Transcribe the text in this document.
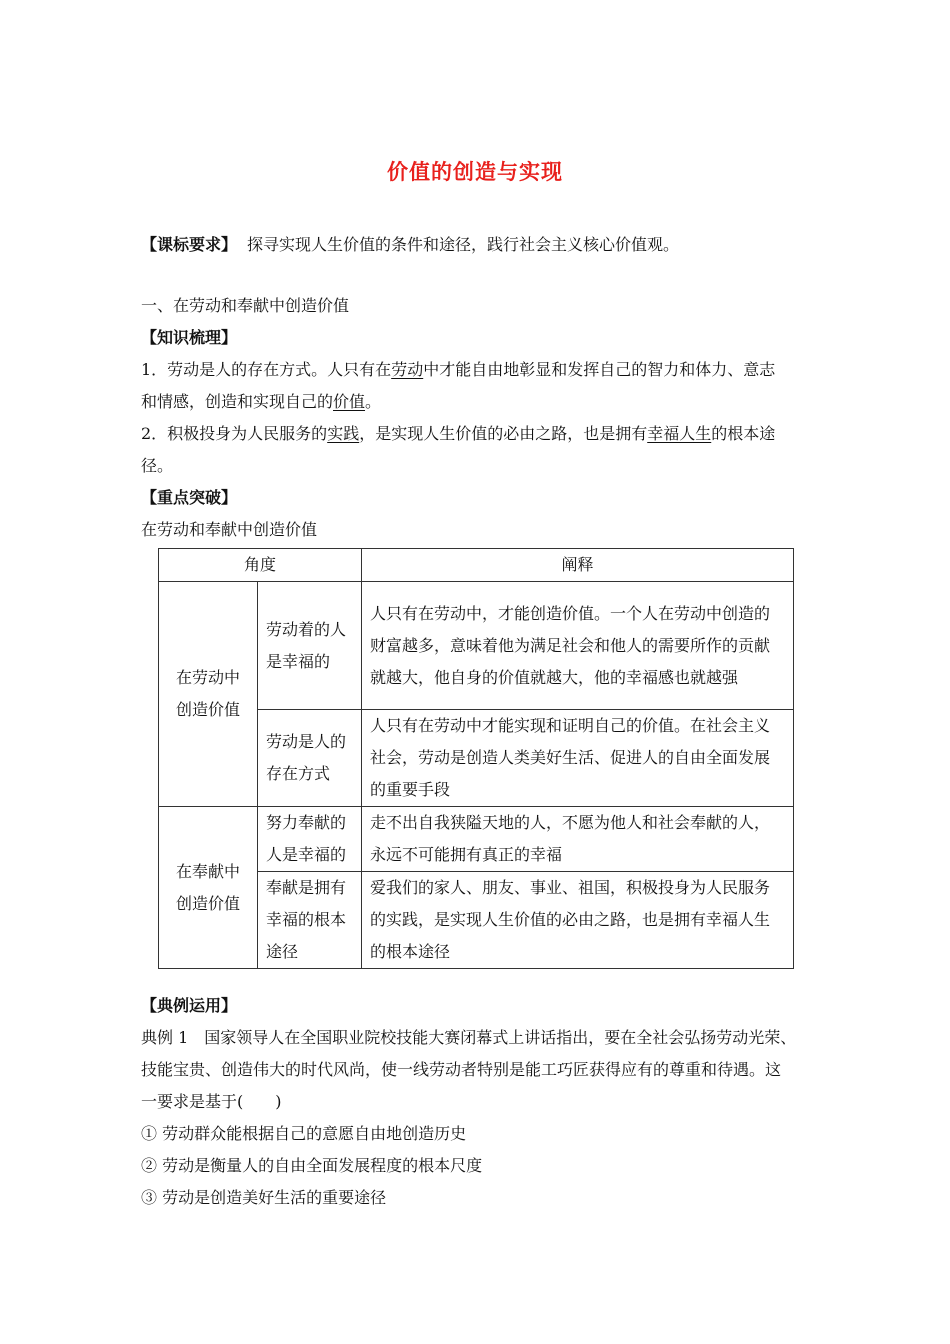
价值的创造与实现
【课标要求】 探寻实现人生价值的条件和途径，践行社会主义核心价值观。
一、在劳动和奉献中创造价值
【知识梳理】
1．劳动是人的存在方式。人只有在劳动中才能自由地彰显和发挥自己的智力和体力、意志
和情感，创造和实现自己的价值。
2．积极投身为人民服务的实践，是实现人生价值的必由之路，也是拥有幸福人生的根本途
径。
【重点突破】
在劳动和奉献中创造价值
角度		阐释
在劳动中创造价值	劳动着的人是幸福的	人只有在劳动中，才能创造价值。一个人在劳动中创造的财富越多，意味着他为满足社会和他人的需要所作的贡献就越大，他自身的价值就越大，他的幸福感也就越强
	劳动是人的存在方式	人只有在劳动中才能实现和证明自己的价值。在社会主义社会，劳动是创造人类美好生活、促进人的自由全面发展的重要手段
在奉献中创造价值	努力奉献的人是幸福的	走不出自我狭隘天地的人，不愿为他人和社会奉献的人，永远不可能拥有真正的幸福
	奉献是拥有幸福的根本途径	爱我们的家人、朋友、事业、祖国，积极投身为人民服务的实践，是实现人生价值的必由之路，也是拥有幸福人生的根本途径
【典例运用】
典例 1　国家领导人在全国职业院校技能大赛闭幕式上讲话指出，要在全社会弘扬劳动光荣、
技能宝贵、创造伟大的时代风尚，使一线劳动者特别是能工巧匠获得应有的尊重和待遇。这
一要求是基于(　　)
① 劳动群众能根据自己的意愿自由地创造历史
② 劳动是衡量人的自由全面发展程度的根本尺度
③ 劳动是创造美好生活的重要途径
